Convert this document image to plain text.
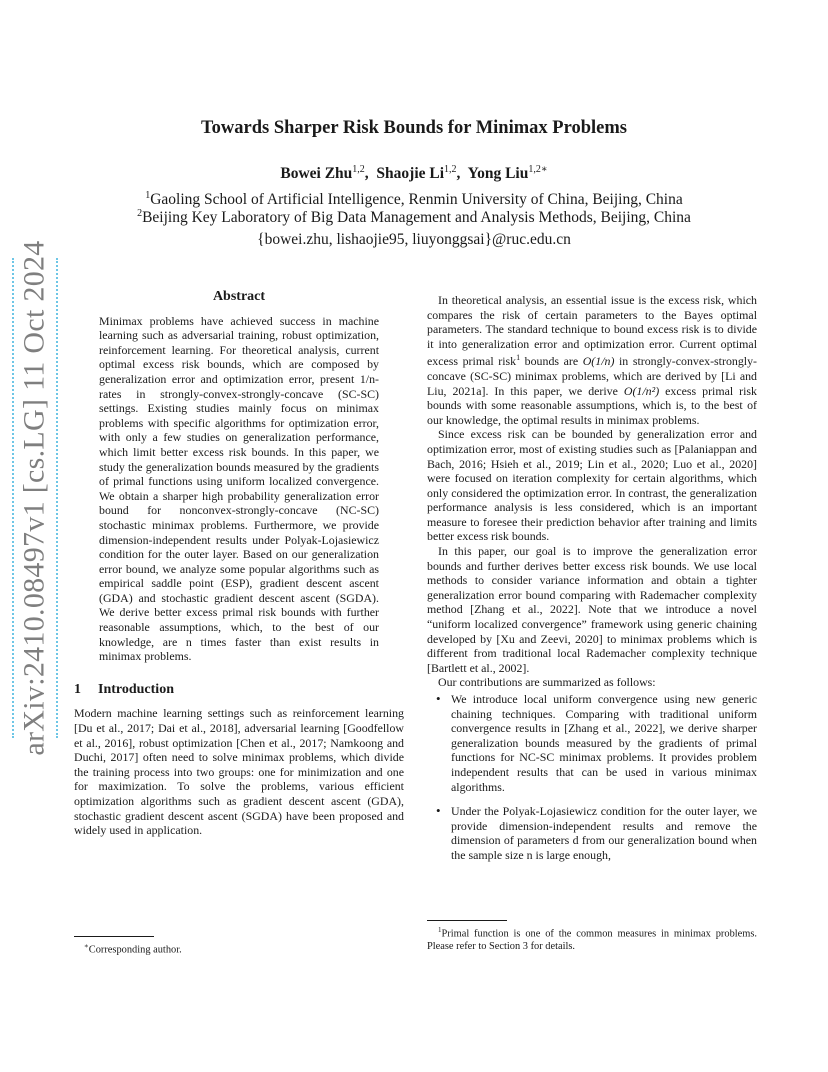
arXiv:2410.08497v1 [cs.LG] 11 Oct 2024
Towards Sharper Risk Bounds for Minimax Problems
Bowei Zhu$^{1,2}$,  Shaojie Li$^{1,2}$,  Yong Liu$^{1,2∗}$
$^1$Gaoling School of Artificial Intelligence, Renmin University of China, Beijing, China
$^2$Beijing Key Laboratory of Big Data Management and Analysis Methods, Beijing, China
{bowei.zhu, lishaojie95, liuyonggsai}@ruc.edu.cn
Abstract

Minimax problems have achieved success in machine learning such as adversarial training, robust optimization, reinforcement learning. For theoretical analysis, current optimal excess risk bounds, which are composed by generalization error and optimization error, present 1/n-rates in strongly-convex-strongly-concave (SC-SC) settings. Existing studies mainly focus on minimax problems with specific algorithms for optimization error, with only a few studies on generalization performance, which limit better excess risk bounds. In this paper, we study the generalization bounds measured by the gradients of primal functions using uniform localized convergence. We obtain a sharper high probability generalization error bound for nonconvex-strongly-concave (NC-SC) stochastic minimax problems. Furthermore, we provide dimension-independent results under Polyak-Lojasiewicz condition for the outer layer. Based on our generalization error bound, we analyze some popular algorithms such as empirical saddle point (ESP), gradient descent ascent (GDA) and stochastic gradient descent ascent (SGDA). We derive better excess primal risk bounds with further reasonable assumptions, which, to the best of our knowledge, are n times faster than exist results in minimax problems.

1 Introduction

Modern machine learning settings such as reinforcement learning [Du et al., 2017; Dai et al., 2018], adversarial learning [Goodfellow et al., 2016], robust optimization [Chen et al., 2017; Namkoong and Duchi, 2017] often need to solve minimax problems, which divide the training process into two groups: one for minimization and one for maximization. To solve the problems, various efficient optimization algorithms such as gradient descent ascent (GDA), stochastic gradient descent ascent (SGDA) have been proposed and widely used in application.

∗Corresponding author.

In theoretical analysis, an essential issue is the excess risk, which compares the risk of certain parameters to the Bayes optimal parameters. The standard technique to bound excess risk is to divide it into generalization error and optimization error. Current optimal excess primal risk$^1$ bounds are O(1/n) in strongly-convex-strongly-concave (SC-SC) minimax problems, which are derived by [Li and Liu, 2021a]. In this paper, we derive O(1/n²) excess primal risk bounds with some reasonable assumptions, which is, to the best of our knowledge, the optimal results in minimax problems.

Since excess risk can be bounded by generalization error and optimization error, most of existing studies such as [Palaniappan and Bach, 2016; Hsieh et al., 2019; Lin et al., 2020; Luo et al., 2020] were focused on iteration complexity for certain algorithms, which only considered the optimization error. In contrast, the generalization performance analysis is less considered, which is an important measure to foresee their prediction behavior after training and limits better excess risk bounds.

In this paper, our goal is to improve the generalization error bounds and further derives better excess risk bounds. We use local methods to consider variance information and obtain a tighter generalization error bound comparing with Rademacher complexity method [Zhang et al., 2022]. Note that we introduce a novel “uniform localized convergence” framework using generic chaining developed by [Xu and Zeevi, 2020] to minimax problems which is different from traditional local Rademacher complexity technique [Bartlett et al., 2002].

Our contributions are summarized as follows:

• We introduce local uniform convergence using new generic chaining techniques. Comparing with traditional uniform convergence results in [Zhang et al., 2022], we derive sharper generalization bounds measured by the gradients of primal functions for NC-SC minimax problems. It provides problem independent results that can be used in various minimax algorithms.
• Under the Polyak-Lojasiewicz condition for the outer layer, we provide dimension-independent results and remove the dimension of parameters d from our generalization bound when the sample size n is large enough,
$^1$Primal function is one of the common measures in minimax problems. Please refer to Section 3 for details.
